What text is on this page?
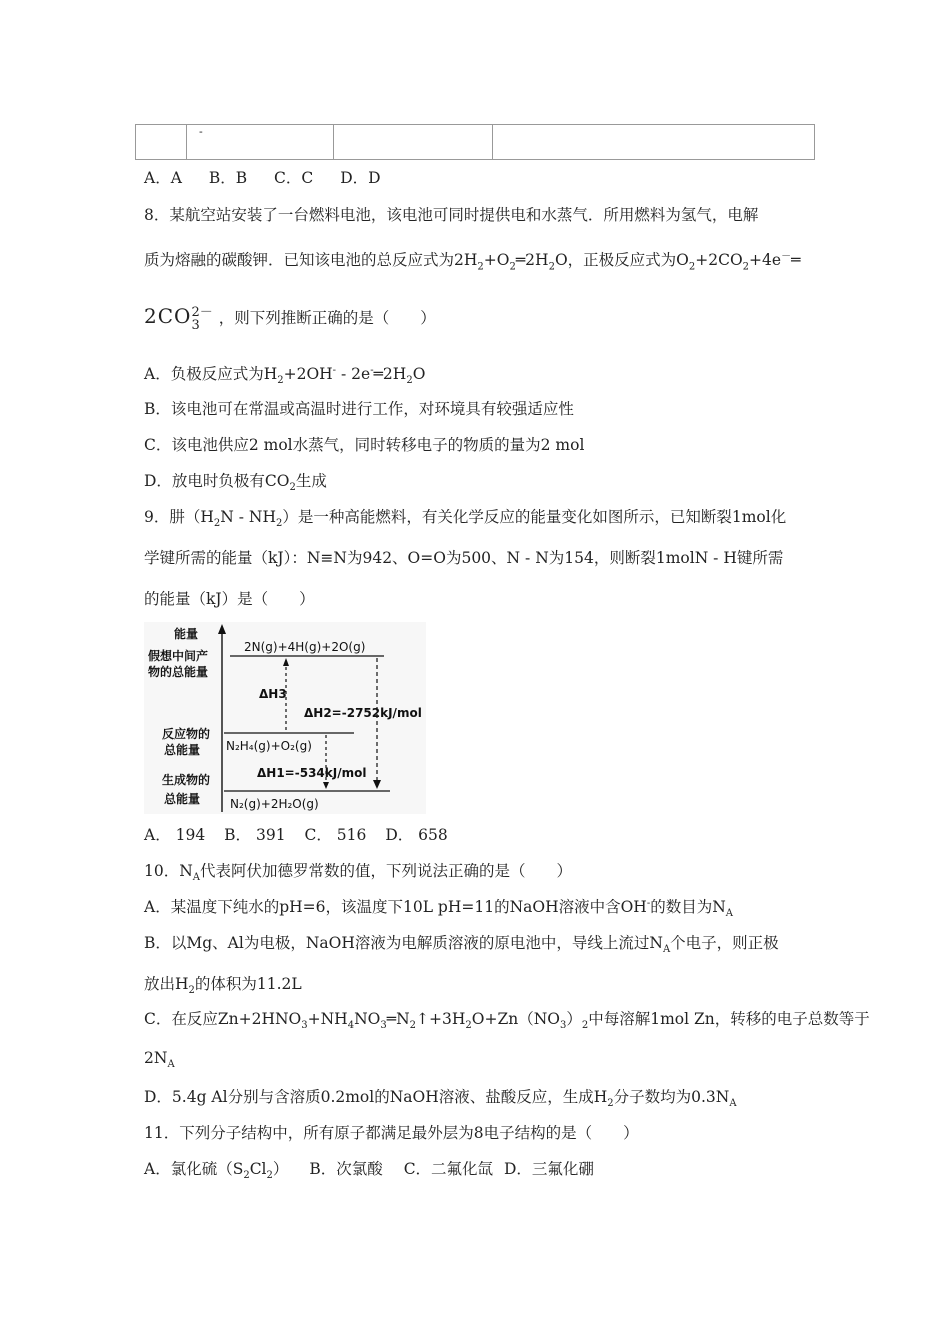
	-		
A．A B．B C．C D．D
8．某航空站安装了一台燃料电池，该电池可同时提供电和水蒸气．所用燃料为氢气，电解
质为熔融的碳酸钾．已知该电池的总反应式为$2H_2+O_2═2H_2O$，正极反应式为$O_2+2CO_2+4e^-═$
2CO 2－
3	，则下列推断正确的是（　　）
A．负极反应式为$H_2+2OH^-$ - $2e^-═2H_2O$
B．该电池可在常温或高温时进行工作，对环境具有较强适应性
C．该电池供应2 mol水蒸气，同时转移电子的物质的量为2 mol
D．放电时负极有$CO_2$生成
9．肼$(H_2N - NH_2)$是一种高能燃料，有关化学反应的能量变化如图所示，已知断裂1mol化
学键所需的能量（kJ）：N≡N为942、O=O为500、N - N为154，则断裂1molN - H键所需
的能量（kJ）是（　　）
能量
假想中间产
物的总能量
反应物的
总能量
生成物的
总能量
2N(g)+4H(g)+2O(g)
N₂H₄(g)+O₂(g)
N₂(g)+2H₂O(g)
ΔH3
ΔH2=-2752kJ/mol
ΔH1=-534kJ/mol
A． 194 B． 391 C． 516 D． 658
10．$N_A$代表阿伏加德罗常数的值，下列说法正确的是（　　）
A．某温度下纯水的pH=6，该温度下10L pH=11的NaOH溶液中含OH-的数目为$N_A$
B．以Mg、Al为电极，NaOH溶液为电解质溶液的原电池中，导线上流过$N_A$个电子，则正极
放出$H_2$的体积为11.2L
C．在反应$Zn+2HNO_3+NH_4NO_3═N_2↑+3H_2O+Zn(NO_3)_2$中每溶解1mol Zn，转移的电子总数等于
$2N_A$
D．5.4g Al分别与含溶质0.2mol的NaOH溶液、盐酸反应，生成$H_2$分子数均为$0.3N_A$
11．下列分子结构中，所有原子都满足最外层为8电子结构的是（　　）
A．氯化硫$(S_2Cl_2)$ B．次氯酸 C．二氟化氙 D．三氟化硼
